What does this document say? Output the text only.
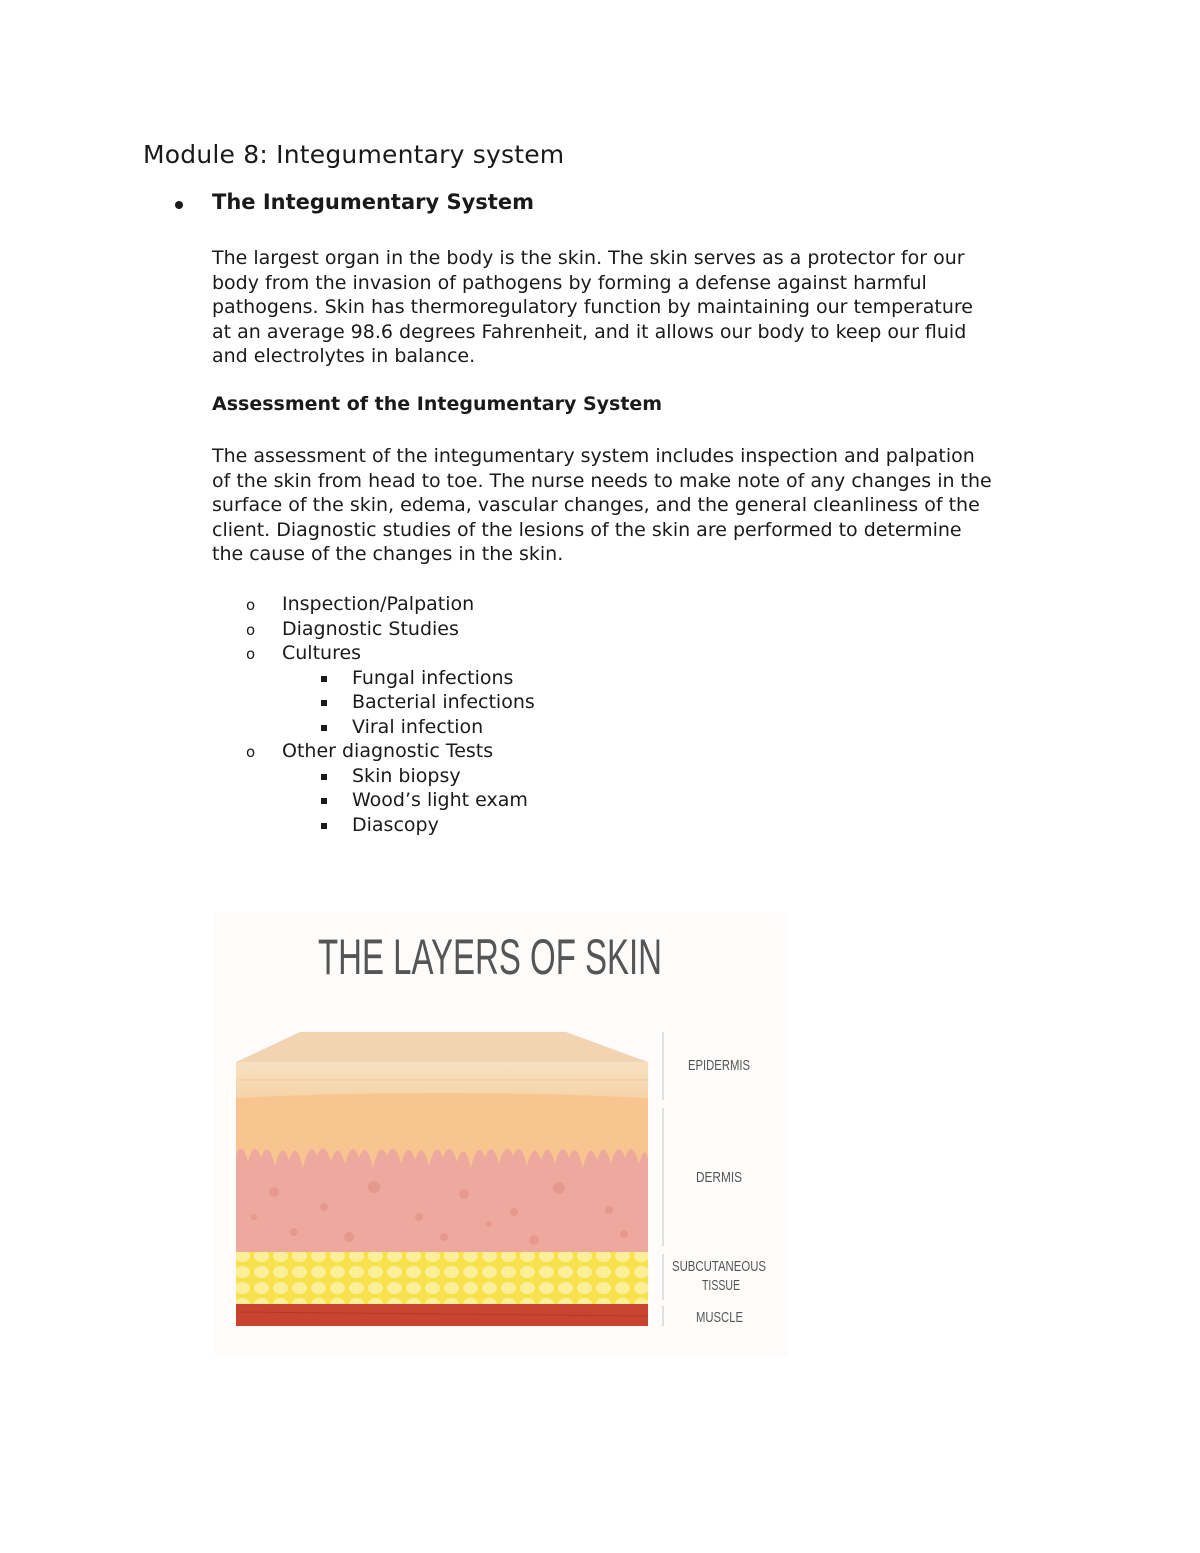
Module 8: Integumentary system
The Integumentary System
The largest organ in the body is the skin. The skin serves as a protector for our
body from the invasion of pathogens by forming a defense against harmful
pathogens. Skin has thermoregulatory function by maintaining our temperature
at an average 98.6 degrees Fahrenheit, and it allows our body to keep our fluid
and electrolytes in balance.
Assessment of the Integumentary System
The assessment of the integumentary system includes inspection and palpation
of the skin from head to toe. The nurse needs to make note of any changes in the
surface of the skin, edema, vascular changes, and the general cleanliness of the
client. Diagnostic studies of the lesions of the skin are performed to determine
the cause of the changes in the skin.
o Inspection/Palpation
o Diagnostic Studies
o Cultures
Fungal infections
Bacterial infections
Viral infection
o Other diagnostic Tests
Skin biopsy
Wood’s light exam
Diascopy
THE LAYERS OF SKIN
EPIDERMIS
DERMIS
SUBCUTANEOUS
TISSUE
MUSCLE
